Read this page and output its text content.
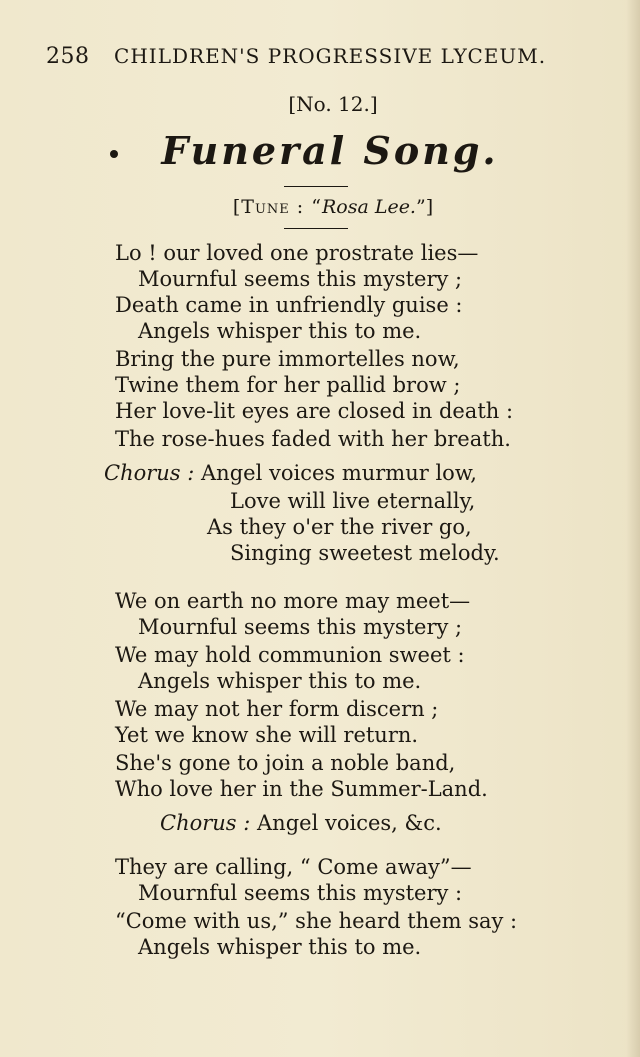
258 CHILDREN'S PROGRESSIVE LYCEUM.
[No. 12.]
Funeral Song.
[Tune : “Rosa Lee.”]
Lo ! our loved one prostrate lies—
Mournful seems this mystery ;
Death came in unfriendly guise :
Angels whisper this to me.
Bring the pure immortelles now,
Twine them for her pallid brow ;
Her love-lit eyes are closed in death :
The rose-hues faded with her breath.
Chorus : Angel voices murmur low,
Love will live eternally,
As they o'er the river go,
Singing sweetest melody.
We on earth no more may meet—
Mournful seems this mystery ;
We may hold communion sweet :
Angels whisper this to me.
We may not her form discern ;
Yet we know she will return.
She's gone to join a noble band,
Who love her in the Summer-Land.
Chorus : Angel voices, &c.
They are calling, “ Come away”—
Mournful seems this mystery :
“Come with us,” she heard them say :
Angels whisper this to me.
